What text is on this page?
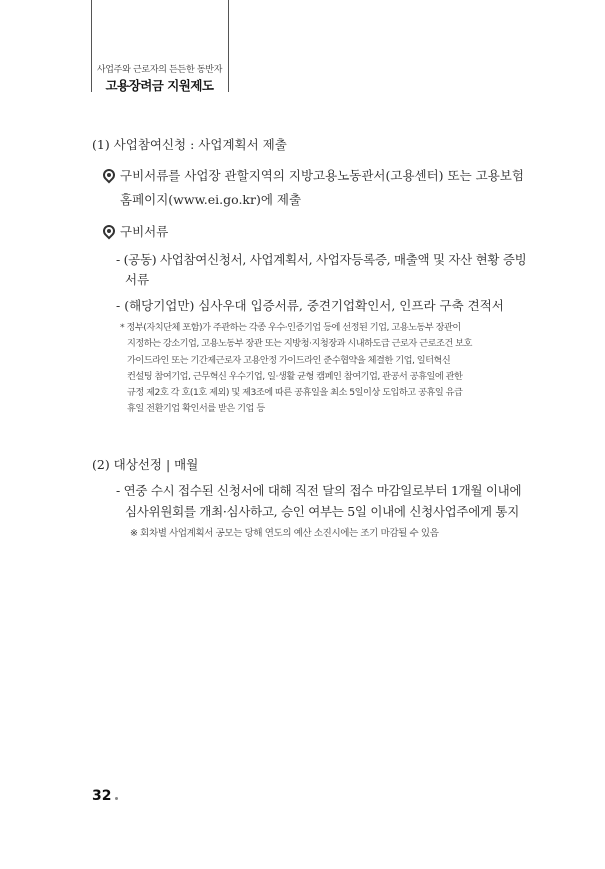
사업주와 근로자의 든든한 동반자
고용장려금 지원제도
(1) 사업참여신청 : 사업계획서 제출
구비서류를 사업장 관할지역의 지방고용노동관서(고용센터) 또는 고용보험
홈페이지(www.ei.go.kr)에 제출
구비서류
- (공동) 사업참여신청서, 사업계획서, 사업자등록증, 매출액 및 자산 현황 증빙
서류
- (해당기업만) 심사우대 입증서류, 중견기업확인서, 인프라 구축 견적서
* 정부(자치단체 포함)가 주관하는 각종 우수·인증기업 등에 선정된 기업, 고용노동부 장관이
지정하는 강소기업, 고용노동부 장관 또는 지방청·지청장과 시내하도급 근로자 근로조건 보호
가이드라인 또는 기간제근로자 고용안정 가이드라인 준수협약을 체결한 기업, 일터혁신
컨설팅 참여기업, 근무혁신 우수기업, 일·생활 균형 캠페인 참여기업, 관공서 공휴일에 관한
규정 제2호 각 호(1호 제외) 및 제3조에 따른 공휴일을 최소 5일이상 도입하고 공휴일 유급
휴일 전환기업 확인서를 받은 기업 등
(2) 대상선정 | 매월
- 연중 수시 접수된 신청서에 대해 직전 달의 접수 마감일로부터 1개월 이내에
심사위원회를 개최·심사하고, 승인 여부는 5일 이내에 신청사업주에게 통지
※ 회차별 사업계획서 공모는 당해 연도의 예산 소진시에는 조기 마감될 수 있음
32
